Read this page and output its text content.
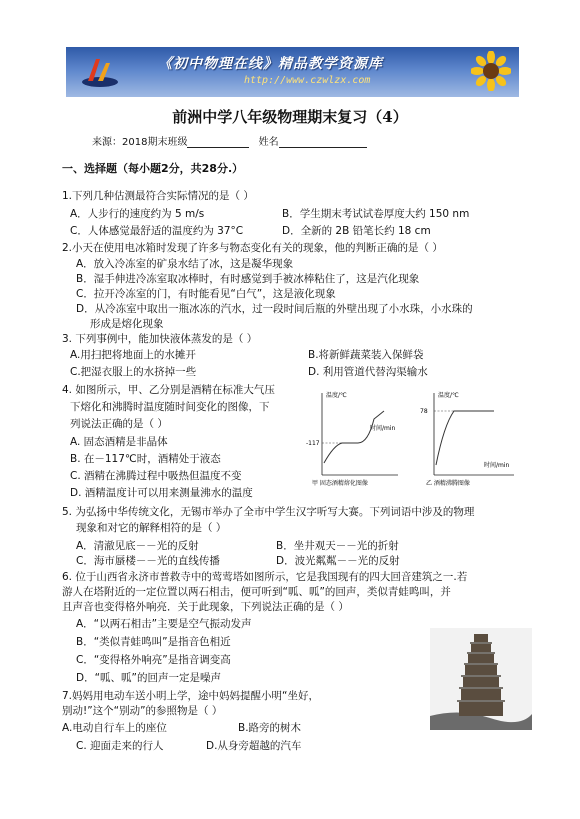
《初中物理在线》精品教学资源库
http://www.czwlzx.com
前洲中学八年级物理期末复习（4）
来源：2018期末班级	姓名
一、选择题（每小题2分，共28分.）
1.下列几种估测最符合实际情况的是（ ）
A．人步行的速度约为 5 m/s	B．学生期末考试试卷厚度大约 150 nm
C．人体感觉最舒适的温度约为 37°C	D．全新的 2B 铅笔长约 18 cm
2.小天在使用电冰箱时发现了许多与物态变化有关的现象，他的判断正确的是（ ）
A．放入冷冻室的矿泉水结了冰，这是凝华现象
B．湿手伸进冷冻室取冰棒时，有时感觉到手被冰棒粘住了，这是汽化现象
C．拉开冷冻室的门，有时能看见“白气”，这是液化现象
D．从冷冻室中取出一瓶冰冻的汽水，过一段时间后瓶的外壁出现了小水珠，小水珠的
形成是熔化现象
3. 下列事例中，能加快液体蒸发的是（ ）
A.用扫把将地面上的水摊开	B.将新鲜蔬菜装入保鲜袋
C.把湿衣服上的水挤掉一些	D. 利用管道代替沟渠输水
4. 如图所示，甲、乙分别是酒精在标准大气压
下熔化和沸腾时温度随时间变化的图像，下
列说法正确的是（ ）
A. 固态酒精是非晶体
B. 在－117℃时，酒精处于液态
C. 酒精在沸腾过程中吸热但温度不变
D. 酒精温度计可以用来测量沸水的温度
温度/℃
时间/min
-117
甲 固态酒精熔化图像
温度/℃
时间/min
78
乙 酒精沸腾图像
5. 为弘扬中华传统文化，无锡市举办了全市中学生汉字听写大赛。下列词语中涉及的物理
现象和对它的解释相符的是（ ）
A．清澈见底－－光的反射	B．坐井观天－－光的折射
C．海市蜃楼－－光的直线传播	D．波光粼粼－－光的反射
6. 位于山西省永济市普救寺中的莺莺塔如图所示，它是我国现有的四大回音建筑之一.若
游人在塔附近的一定位置以两石相击，便可听到“呱、呱”的回声，类似青蛙鸣叫，并
且声音也变得格外响亮．关于此现象，下列说法正确的是（ ）
A．“以两石相击”主要是空气振动发声
B．“类似青蛙鸣叫”是指音色相近
C．“变得格外响亮”是指音调变高
D．“呱、呱”的回声一定是噪声
7.妈妈用电动车送小明上学，途中妈妈提醒小明“坐好，
别动!”这个“别动”的参照物是（ ）
A.电动自行车上的座位	B.路旁的树木
C. 迎面走来的行人	D.从身旁超越的汽车
